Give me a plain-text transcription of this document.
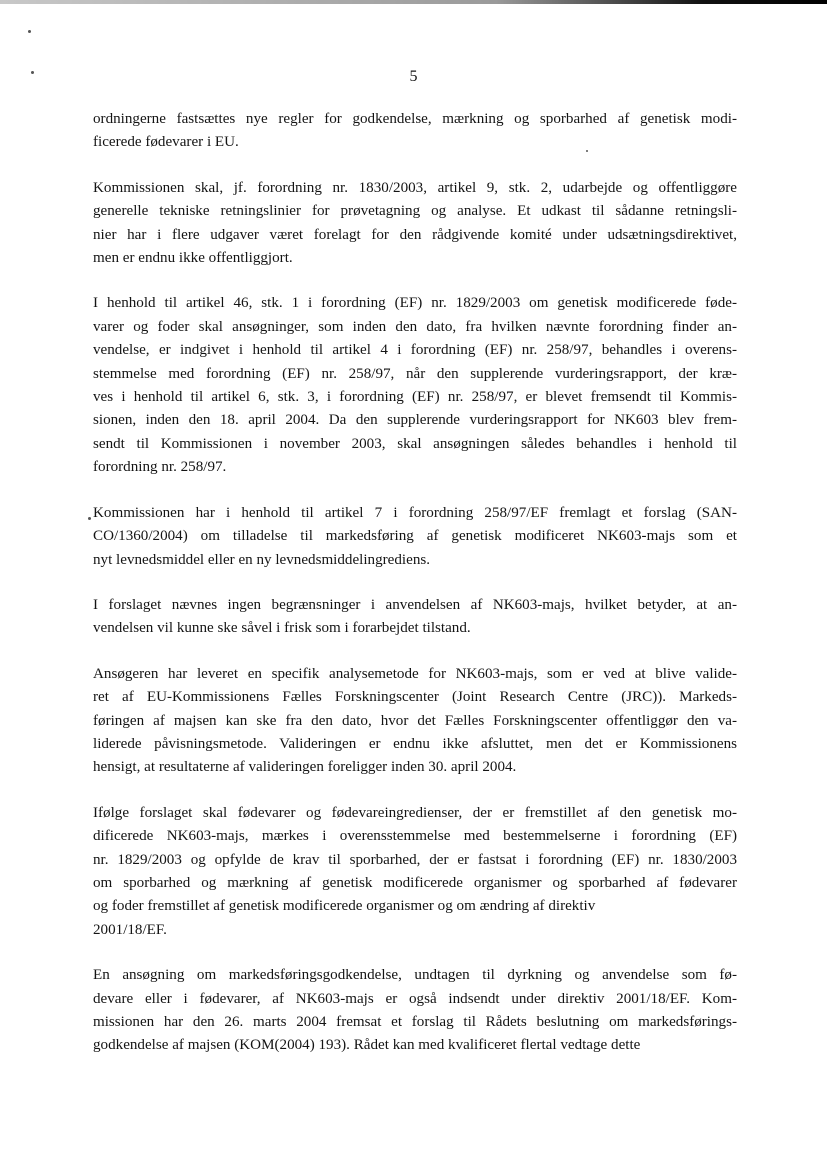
5

ordningerne fastsættes nye regler for godkendelse, mærkning og sporbarhed af genetisk modi-
ficerede fødevarer i EU.

Kommissionen skal, jf. forordning nr. 1830/2003, artikel 9, stk. 2, udarbejde og offentliggøre
generelle tekniske retningslinier for prøvetagning og analyse. Et udkast til sådanne retningsli-
nier har i flere udgaver været forelagt for den rådgivende komité under udsætningsdirektivet,
men er endnu ikke offentliggjort.

I henhold til artikel 46, stk. 1 i forordning (EF) nr. 1829/2003 om genetisk modificerede føde-
varer og foder skal ansøgninger, som inden den dato, fra hvilken nævnte forordning finder an-
vendelse, er indgivet i henhold til artikel 4 i forordning (EF) nr. 258/97, behandles i overens-
stemmelse med forordning (EF) nr. 258/97, når den supplerende vurderingsrapport, der kræ-
ves i henhold til artikel 6, stk. 3, i forordning (EF) nr. 258/97, er blevet fremsendt til Kommis-
sionen, inden den 18. april 2004. Da den supplerende vurderingsrapport for NK603 blev frem-
sendt til Kommissionen i november 2003, skal ansøgningen således behandles i henhold til
forordning nr. 258/97.

Kommissionen har i henhold til artikel 7 i forordning 258/97/EF fremlagt et forslag (SAN-
CO/1360/2004) om tilladelse til markedsføring af genetisk modificeret NK603-majs som et
nyt levnedsmiddel eller en ny levnedsmiddelingrediens.

I forslaget nævnes ingen begrænsninger i anvendelsen af NK603-majs, hvilket betyder, at an-
vendelsen vil kunne ske såvel i frisk som i forarbejdet tilstand.

Ansøgeren har leveret en specifik analysemetode for NK603-majs, som er ved at blive valide-
ret af EU-Kommissionens Fælles Forskningscenter (Joint Research Centre (JRC)). Markeds-
føringen af majsen kan ske fra den dato, hvor det Fælles Forskningscenter offentliggør den va-
liderede påvisningsmetode. Valideringen er endnu ikke afsluttet, men det er Kommissionens
hensigt, at resultaterne af valideringen foreligger inden 30. april 2004.

Ifølge forslaget skal fødevarer og fødevareingredienser, der er fremstillet af den genetisk mo-
dificerede NK603-majs, mærkes i overensstemmelse med bestemmelserne i forordning (EF)
nr. 1829/2003 og opfylde de krav til sporbarhed, der er fastsat i forordning (EF) nr. 1830/2003
om sporbarhed og mærkning af genetisk modificerede organismer og sporbarhed af fødevarer
og foder fremstillet af genetisk modificerede organismer og om ændring af direktiv
2001/18/EF.

En ansøgning om markedsføringsgodkendelse, undtagen til dyrkning og anvendelse som fø-
devare eller i fødevarer, af NK603-majs er også indsendt under direktiv 2001/18/EF. Kom-
missionen har den 26. marts 2004 fremsat et forslag til Rådets beslutning om markedsførings-
godkendelse af majsen (KOM(2004) 193). Rådet kan med kvalificeret flertal vedtage dette
